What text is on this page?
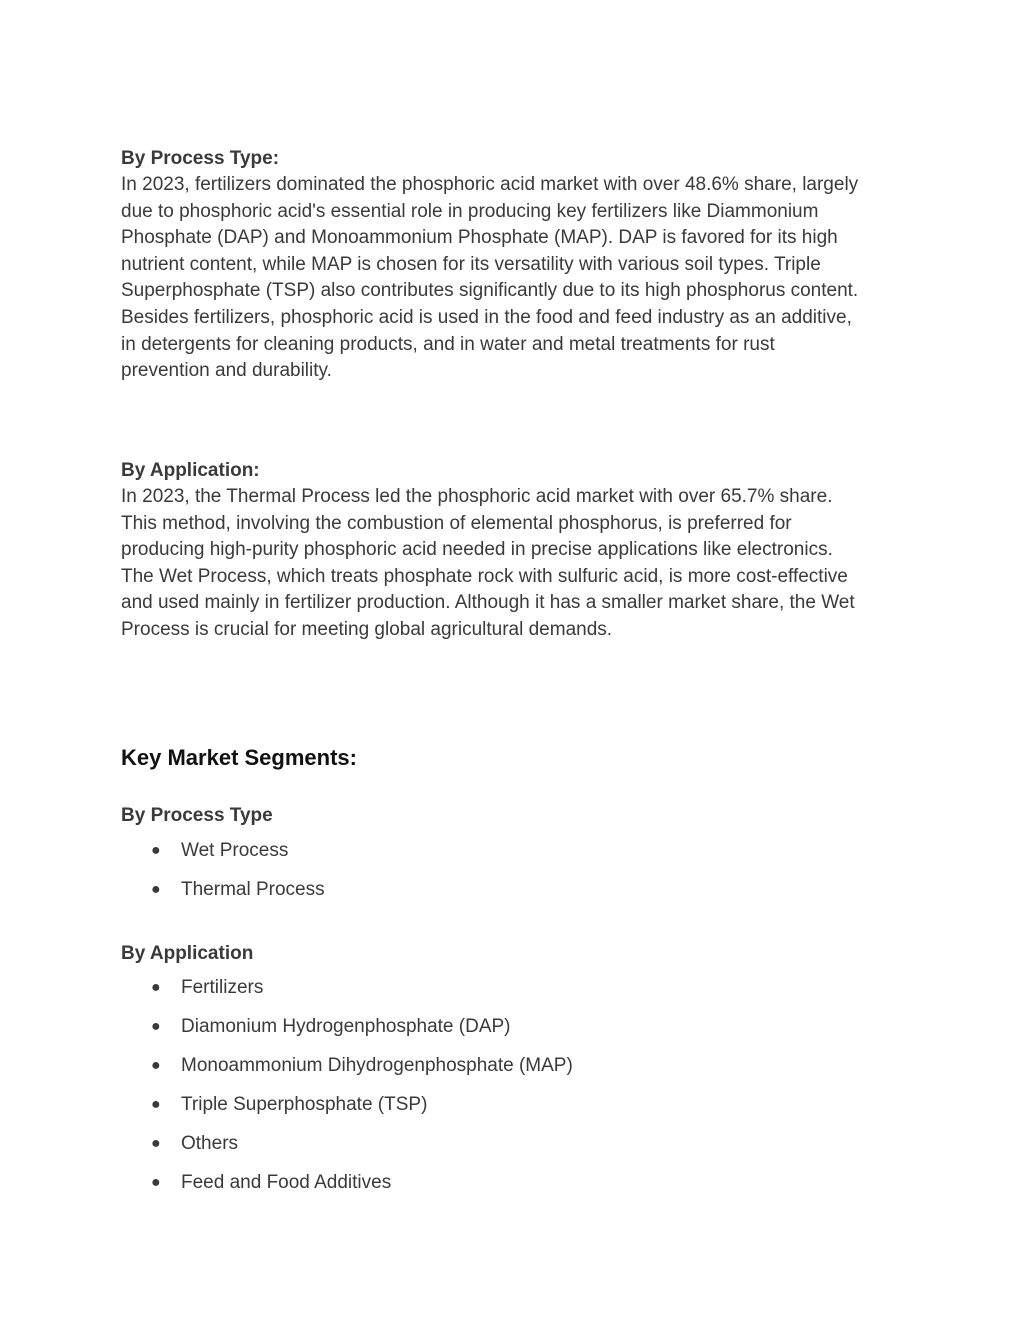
By Process Type:
In 2023, fertilizers dominated the phosphoric acid market with over 48.6% share, largely
due to phosphoric acid's essential role in producing key fertilizers like Diammonium
Phosphate (DAP) and Monoammonium Phosphate (MAP). DAP is favored for its high
nutrient content, while MAP is chosen for its versatility with various soil types. Triple
Superphosphate (TSP) also contributes significantly due to its high phosphorus content.
Besides fertilizers, phosphoric acid is used in the food and feed industry as an additive,
in detergents for cleaning products, and in water and metal treatments for rust
prevention and durability.
By Application:
In 2023, the Thermal Process led the phosphoric acid market with over 65.7% share.
This method, involving the combustion of elemental phosphorus, is preferred for
producing high-purity phosphoric acid needed in precise applications like electronics.
The Wet Process, which treats phosphate rock with sulfuric acid, is more cost-effective
and used mainly in fertilizer production. Although it has a smaller market share, the Wet
Process is crucial for meeting global agricultural demands.
Key Market Segments:
By Process Type
● Wet Process
● Thermal Process
By Application
● Fertilizers
● Diamonium Hydrogenphosphate (DAP)
● Monoammonium Dihydrogenphosphate (MAP)
● Triple Superphosphate (TSP)
● Others
● Feed and Food Additives
